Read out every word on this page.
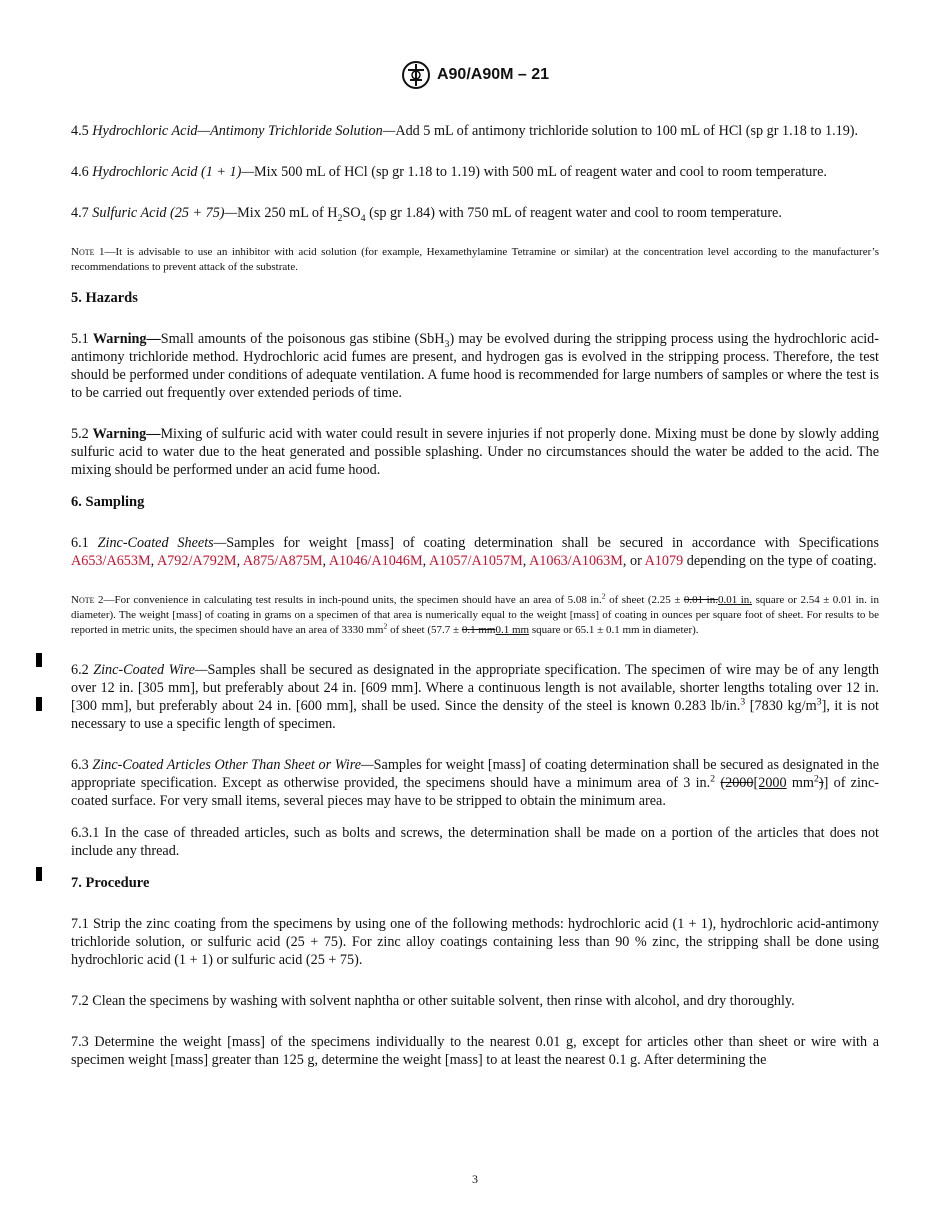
A90/A90M – 21

4.5 Hydrochloric Acid—Antimony Trichloride Solution—Add 5 mL of antimony trichloride solution to 100 mL of HCl (sp gr 1.18 to 1.19).

4.6 Hydrochloric Acid (1 + 1)—Mix 500 mL of HCl (sp gr 1.18 to 1.19) with 500 mL of reagent water and cool to room temperature.

4.7 Sulfuric Acid (25 + 75)—Mix 250 mL of $H_2SO_4$ (sp gr 1.84) with 750 mL of reagent water and cool to room temperature.

Note 1—It is advisable to use an inhibitor with acid solution (for example, Hexamethylamine Tetramine or similar) at the concentration level according to the manufacturer’s recommendations to prevent attack of the substrate.

5. Hazards

5.1 Warning—Small amounts of the poisonous gas stibine (SbH$_3$) may be evolved during the stripping process using the hydrochloric acid-antimony trichloride method. Hydrochloric acid fumes are present, and hydrogen gas is evolved in the stripping process. Therefore, the test should be performed under conditions of adequate ventilation. A fume hood is recommended for large numbers of samples or where the test is to be carried out frequently over extended periods of time.

5.2 Warning—Mixing of sulfuric acid with water could result in severe injuries if not properly done. Mixing must be done by slowly adding sulfuric acid to water due to the heat generated and possible splashing. Under no circumstances should the water be added to the acid. The mixing should be performed under an acid fume hood.

6. Sampling

6.1 Zinc-Coated Sheets—Samples for weight [mass] of coating determination shall be secured in accordance with Specifications A653/A653M, A792/A792M, A875/A875M, A1046/A1046M, A1057/A1057M, A1063/A1063M, or A1079 depending on the type of coating.

Note 2—For convenience in calculating test results in inch-pound units, the specimen should have an area of 5.08 in.$^2$ of sheet (2.25 ± 0.01 in.0.01 in. square or 2.54 ± 0.01 in. in diameter). The weight [mass] of coating in grams on a specimen of that area is numerically equal to the weight [mass] of coating in ounces per square foot of sheet. For results to be reported in metric units, the specimen should have an area of 3330 $mm^2$ of sheet (57.7 ± 0.1 mm0.1 mm square or 65.1 ± 0.1 mm in diameter).

6.2 Zinc-Coated Wire—Samples shall be secured as designated in the appropriate specification. The specimen of wire may be of any length over 12 in. [305 mm], but preferably about 24 in. [609 mm]. Where a continuous length is not available, shorter lengths totaling over 12 in. [300 mm], but preferably about 24 in. [600 mm], shall be used. Since the density of the steel is known 0.283 lb/in.$^3$ [7830 $kg/m^3$], it is not necessary to use a specific length of specimen.

6.3 Zinc-Coated Articles Other Than Sheet or Wire—Samples for weight [mass] of coating determination shall be secured as designated in the appropriate specification. Except as otherwise provided, the specimens should have a minimum area of 3 in.$^2$ (2000[2000 $mm^2$)] of zinc-coated surface. For very small items, several pieces may have to be stripped to obtain the minimum area.

6.3.1 In the case of threaded articles, such as bolts and screws, the determination shall be made on a portion of the articles that does not include any thread.

7. Procedure

7.1 Strip the zinc coating from the specimens by using one of the following methods: hydrochloric acid (1 + 1), hydrochloric acid-antimony trichloride solution, or sulfuric acid (25 + 75). For zinc alloy coatings containing less than 90 % zinc, the stripping shall be done using hydrochloric acid (1 + 1) or sulfuric acid (25 + 75).

7.2 Clean the specimens by washing with solvent naphtha or other suitable solvent, then rinse with alcohol, and dry thoroughly.

7.3 Determine the weight [mass] of the specimens individually to the nearest 0.01 g, except for articles other than sheet or wire with a specimen weight [mass] greater than 125 g, determine the weight [mass] to at least the nearest 0.1 g. After determining the

3
